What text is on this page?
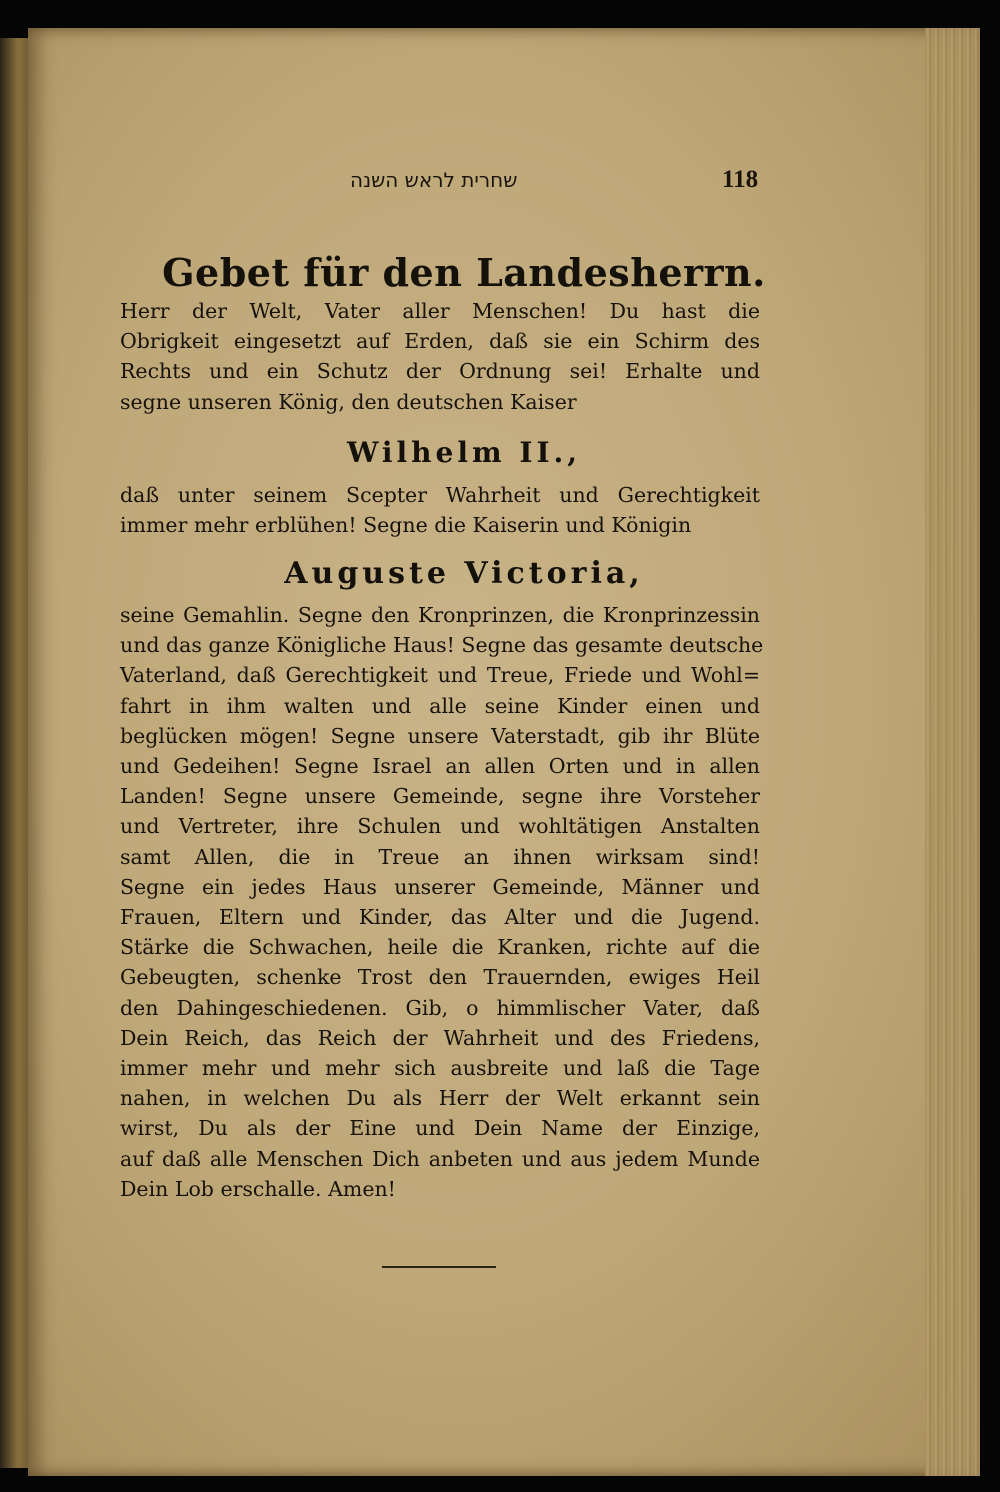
שחרית לראש השנה	118
Gebet für den Landesherrn.
Herr der Welt, Vater aller Menschen! Du hast die
Obrigkeit eingesetzt auf Erden, daß sie ein Schirm des
Rechts und ein Schutz der Ordnung sei! Erhalte und
segne unseren König, den deutschen Kaiser
Wilhelm II.,
daß unter seinem Scepter Wahrheit und Gerechtigkeit
immer mehr erblühen! Segne die Kaiserin und Königin
Auguste Victoria,
seine Gemahlin. Segne den Kronprinzen, die Kronprinzessin
und das ganze Königliche Haus! Segne das gesamte deutsche
Vaterland, daß Gerechtigkeit und Treue, Friede und Wohl=
fahrt in ihm walten und alle seine Kinder einen und
beglücken mögen! Segne unsere Vaterstadt, gib ihr Blüte
und Gedeihen! Segne Israel an allen Orten und in allen
Landen! Segne unsere Gemeinde, segne ihre Vorsteher
und Vertreter, ihre Schulen und wohltätigen Anstalten
samt Allen, die in Treue an ihnen wirksam sind!
Segne ein jedes Haus unserer Gemeinde, Männer und
Frauen, Eltern und Kinder, das Alter und die Jugend.
Stärke die Schwachen, heile die Kranken, richte auf die
Gebeugten, schenke Trost den Trauernden, ewiges Heil
den Dahingeschiedenen. Gib, o himmlischer Vater, daß
Dein Reich, das Reich der Wahrheit und des Friedens,
immer mehr und mehr sich ausbreite und laß die Tage
nahen, in welchen Du als Herr der Welt erkannt sein
wirst, Du als der Eine und Dein Name der Einzige,
auf daß alle Menschen Dich anbeten und aus jedem Munde
Dein Lob erschalle. Amen!
